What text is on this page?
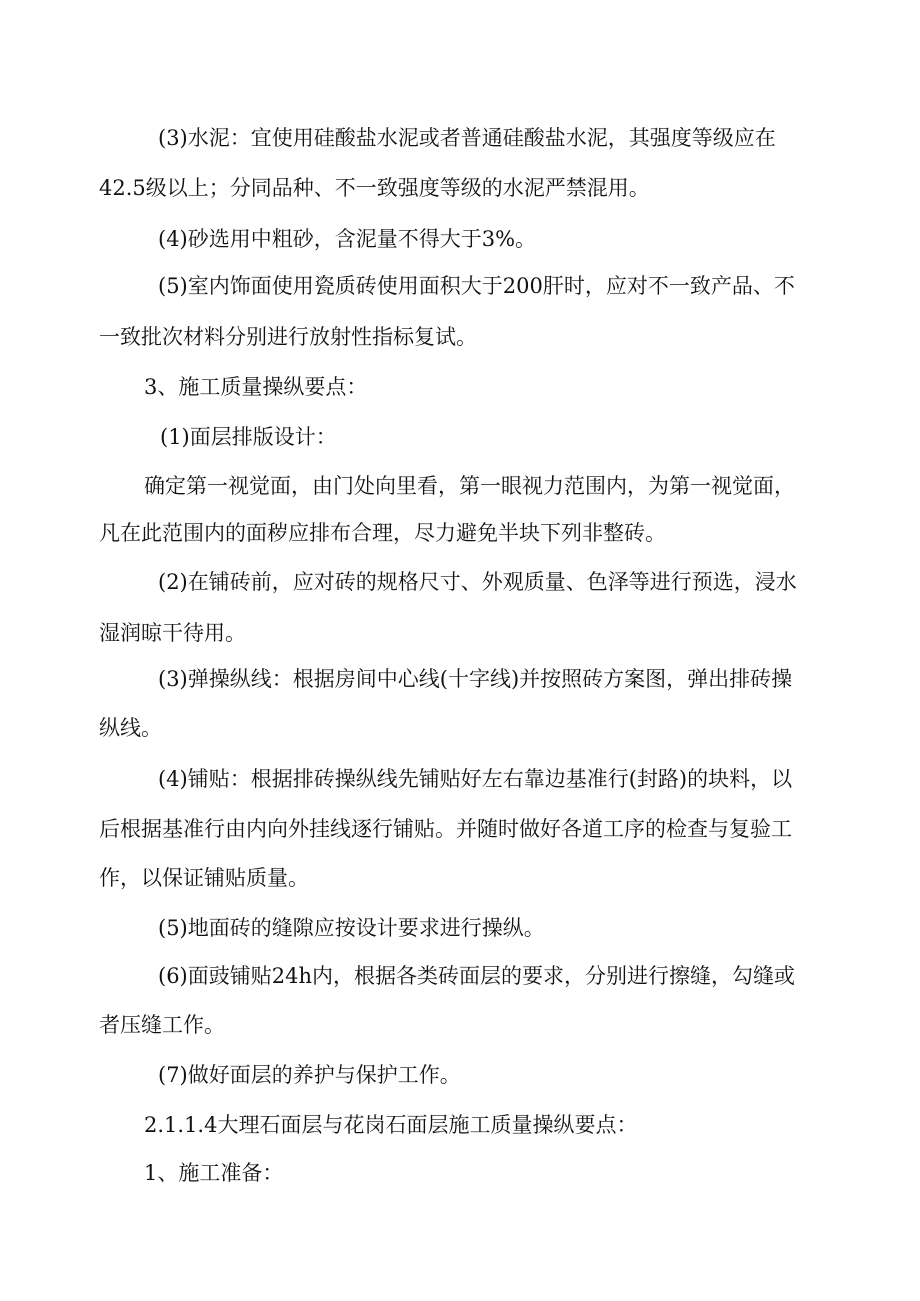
(3)水泥：宜使用硅酸盐水泥或者普通硅酸盐水泥，其强度等级应在
42.5级以上；分同品种、不一致强度等级的水泥严禁混用。
(4)砂选用中粗砂，含泥量不得大于3%。
(5)室内饰面使用瓷质砖使用面积大于200肝时，应对不一致产品、不
一致批次材料分别进行放射性指标复试。
3、施工质量操纵要点：
(1)面层排版设计：
确定第一视觉面，由门处向里看，第一眼视力范围内，为第一视觉面，
凡在此范围内的面秽应排布合理，尽力避免半块下列非整砖。
(2)在铺砖前，应对砖的规格尺寸、外观质量、色泽等进行预选，浸水
湿润晾干待用。
(3)弹操纵线：根据房间中心线(十字线)并按照砖方案图，弹出排砖操
纵线。
(4)铺贴：根据排砖操纵线先铺贴好左右靠边基准行(封路)的块料，以
后根据基准行由内向外挂线逐行铺贴。并随时做好各道工序的检查与复验工
作，以保证铺贴质量。
(5)地面砖的缝隙应按设计要求进行操纵。
(6)面豉铺贴24h内，根据各类砖面层的要求，分别进行擦缝，勾缝或
者压缝工作。
(7)做好面层的养护与保护工作。
2.1.1.4大理石面层与花岗石面层施工质量操纵要点：
1、施工准备：
